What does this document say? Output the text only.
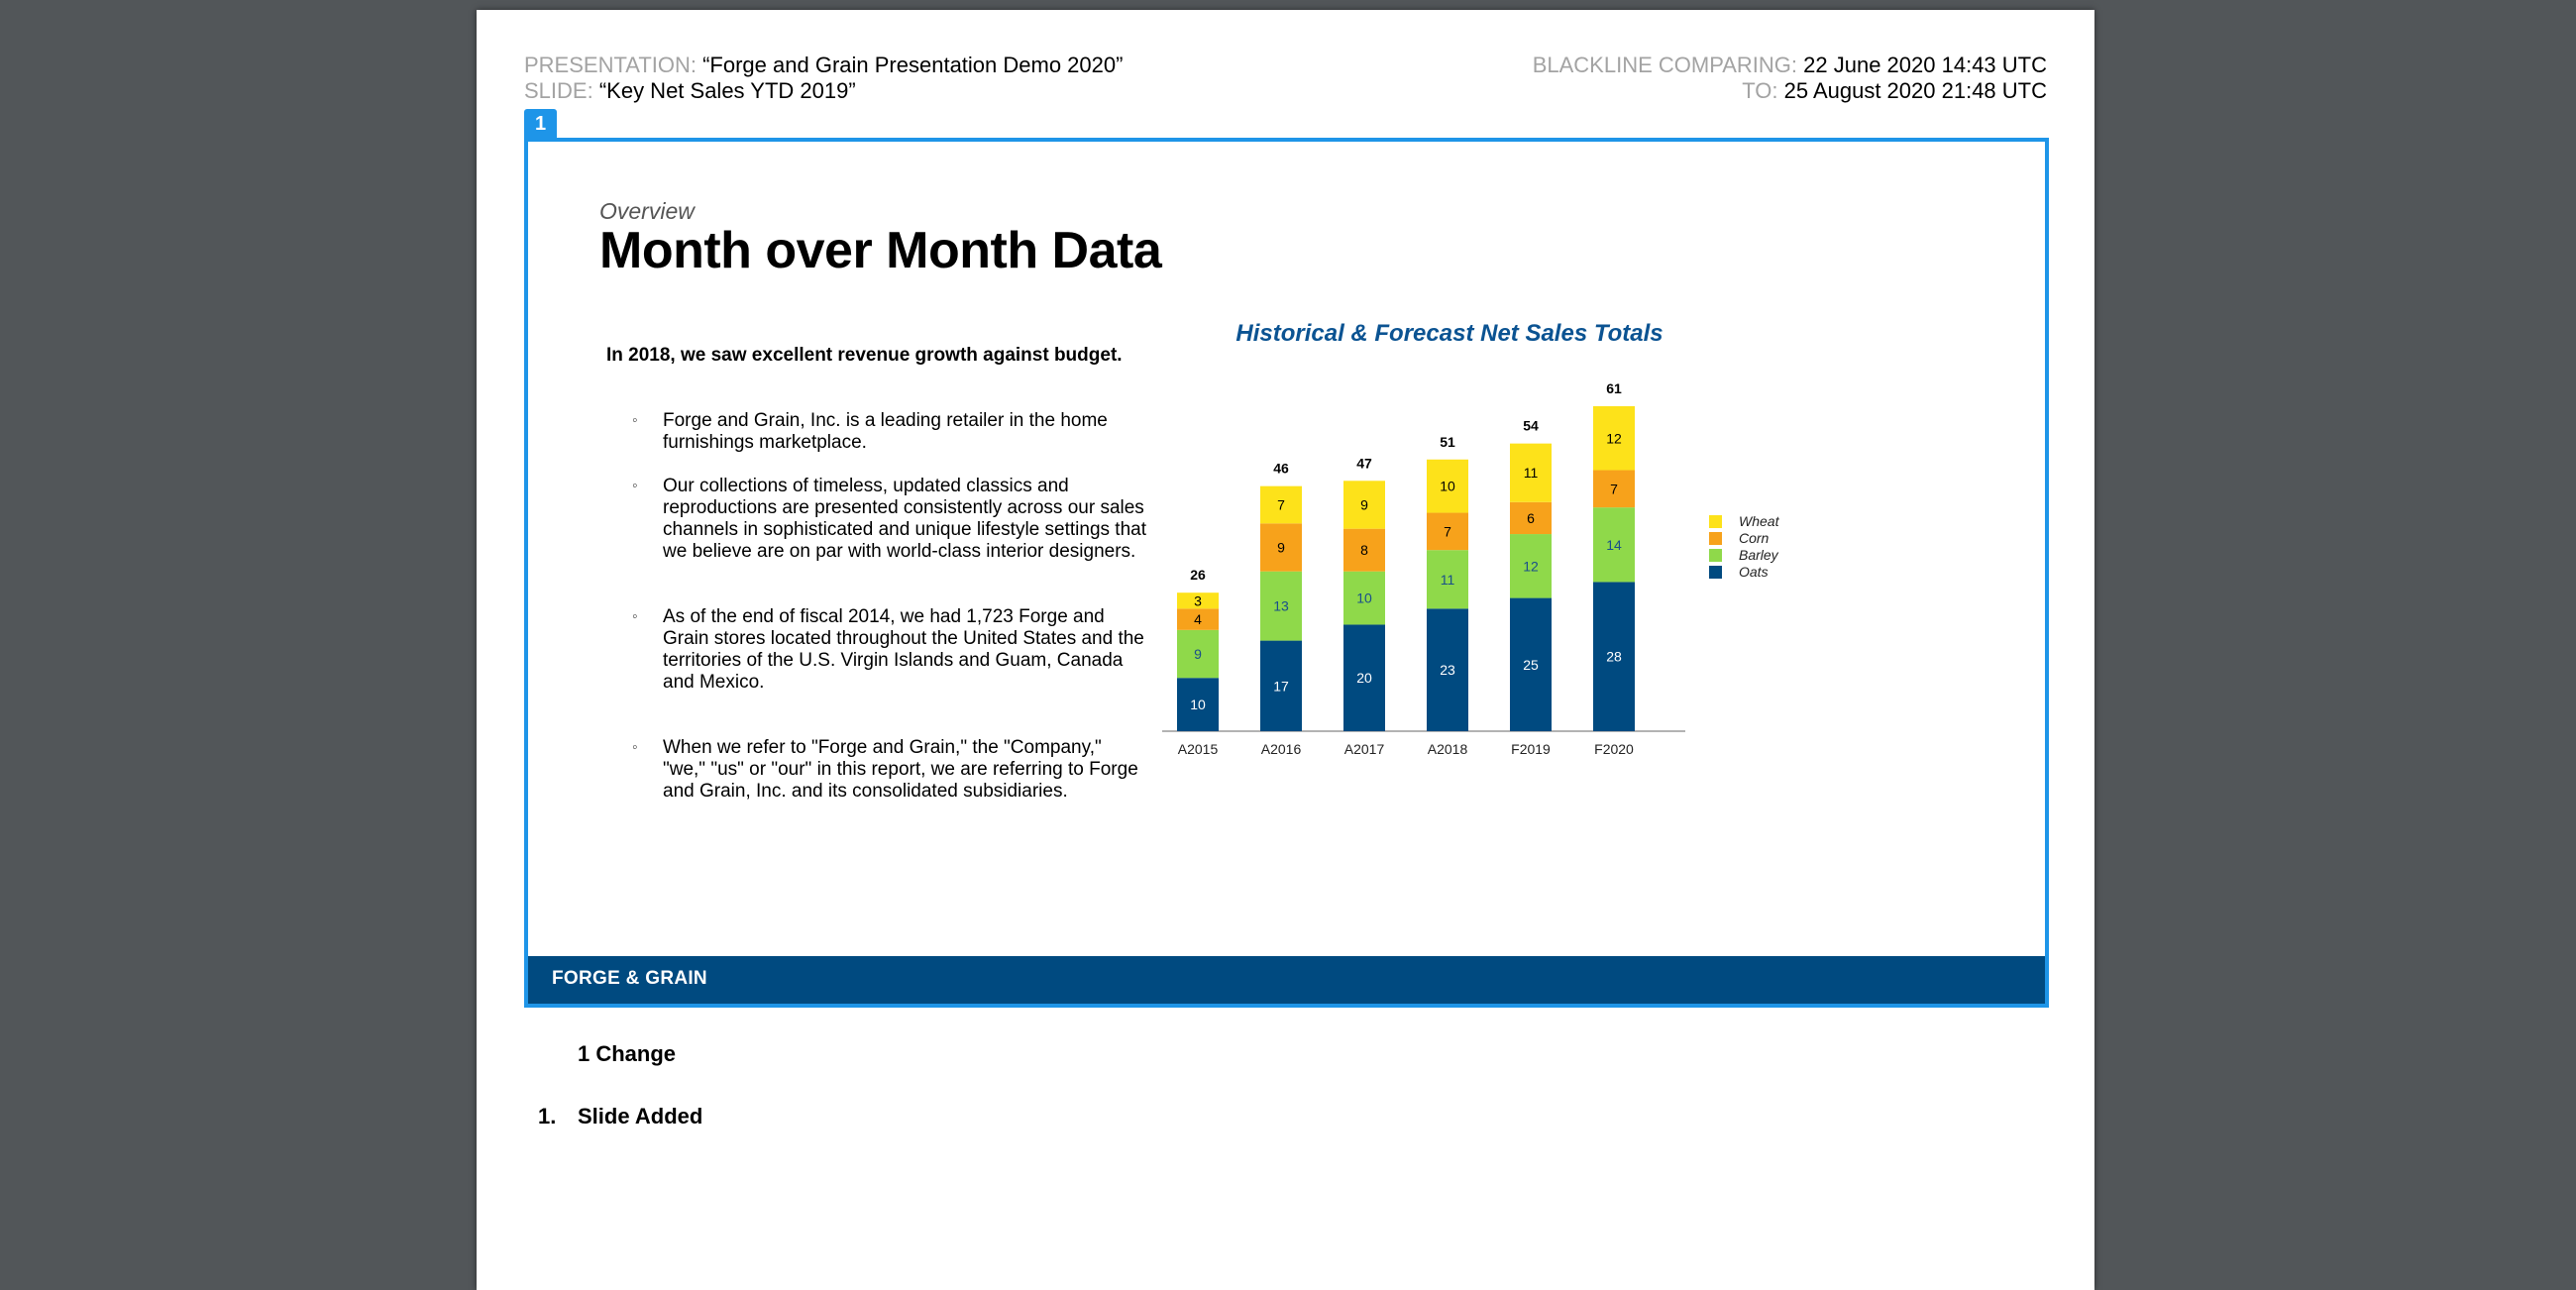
PRESENTATION: “Forge and Grain Presentation Demo 2020”
SLIDE: “Key Net Sales YTD 2019”
BLACKLINE COMPARING: 22 June 2020 14:43 UTC
TO: 25 August 2020 21:48 UTC
1
Overview
Month over Month Data
In 2018, we saw excellent revenue growth against budget.
◦ Forge and Grain, Inc. is a leading retailer in the home furnishings marketplace.
◦ Our collections of timeless, updated classics and reproductions are presented consistently across our sales channels in sophisticated and unique lifestyle settings that we believe are on par with world-class interior designers.
◦ As of the end of fiscal 2014, we had 1,723 Forge and Grain stores located throughout the United States and the territories of the U.S. Virgin Islands and Guam, Canada and Mexico.
◦ When we refer to "Forge and Grain," the "Company," "we," "us" or "our" in this report, we are referring to Forge and Grain, Inc. and its consolidated subsidiaries.
Historical & Forecast Net Sales Totals
10
9
4
3
26
A2015
17
13
9
7
46
A2016
20
10
8
9
47
A2017
23
11
7
10
51
A2018
25
12
6
11
54
F2019
28
14
7
12
61
F2020
Wheat
Corn
Barley
Oats
FORGE & GRAIN
1 Change
1. Slide Added
